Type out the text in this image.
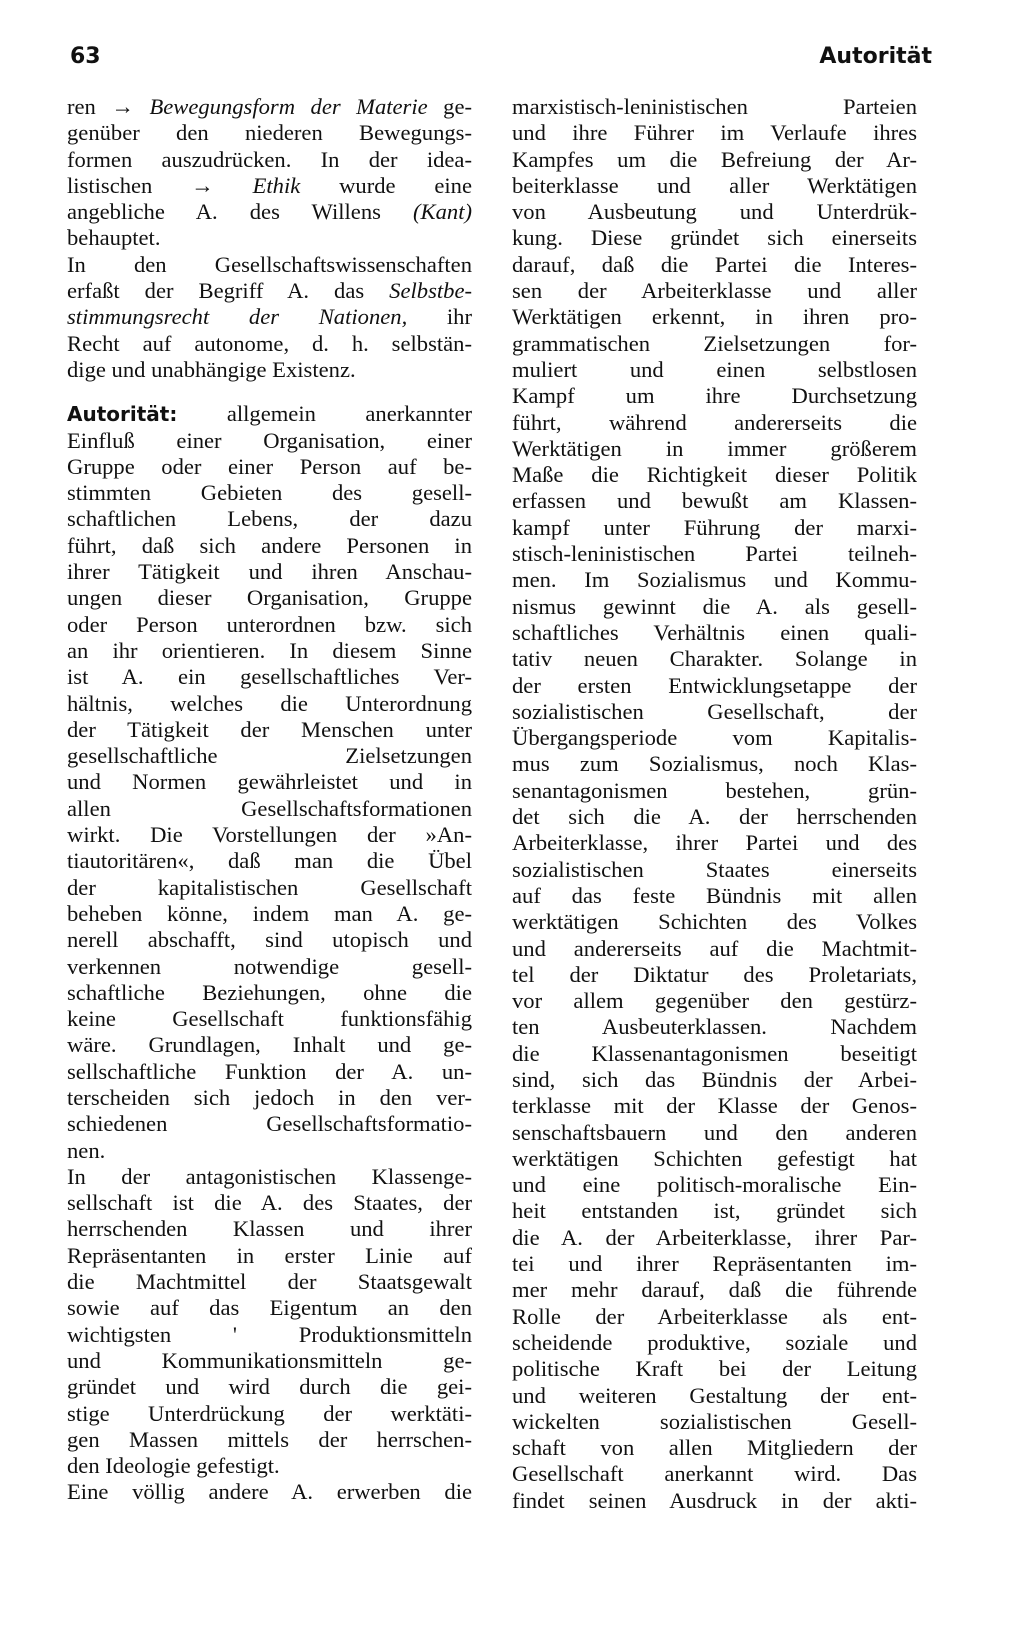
63	Autorität
ren → Bewegungsform der Materie ge-
genüber den niederen Bewegungs-
formen auszudrücken. In der idea-
listischen → Ethik wurde eine
angebliche A. des Willens (Kant)
behauptet.
In den Gesellschaftswissenschaften
erfaßt der Begriff A. das Selbstbe-
stimmungsrecht der Nationen, ihr
Recht auf autonome, d. h. selbstän-
dige und unabhängige Existenz.
Autorität: allgemein anerkannter
Einfluß einer Organisation, einer
Gruppe oder einer Person auf be-
stimmten Gebieten des gesell-
schaftlichen Lebens, der dazu
führt, daß sich andere Personen in
ihrer Tätigkeit und ihren Anschau-
ungen dieser Organisation, Gruppe
oder Person unterordnen bzw. sich
an ihr orientieren. In diesem Sinne
ist A. ein gesellschaftliches Ver-
hältnis, welches die Unterordnung
der Tätigkeit der Menschen unter
gesellschaftliche Zielsetzungen
und Normen gewährleistet und in
allen Gesellschaftsformationen
wirkt. Die Vorstellungen der »An-
tiautoritären«, daß man die Übel
der kapitalistischen Gesellschaft
beheben könne, indem man A. ge-
nerell abschafft, sind utopisch und
verkennen notwendige gesell-
schaftliche Beziehungen, ohne die
keine Gesellschaft funktionsfähig
wäre. Grundlagen, Inhalt und ge-
sellschaftliche Funktion der A. un-
terscheiden sich jedoch in den ver-
schiedenen Gesellschaftsformatio-
nen.
In der antagonistischen Klassenge-
sellschaft ist die A. des Staates, der
herrschenden Klassen und ihrer
Repräsentanten in erster Linie auf
die Machtmittel der Staatsgewalt
sowie auf das Eigentum an den
wichtigsten ' Produktionsmitteln
und Kommunikationsmitteln ge-
gründet und wird durch die gei-
stige Unterdrückung der werktäti-
gen Massen mittels der herrschen-
den Ideologie gefestigt.
Eine völlig andere A. erwerben die
marxistisch-leninistischen Parteien
und ihre Führer im Verlaufe ihres
Kampfes um die Befreiung der Ar-
beiterklasse und aller Werktätigen
von Ausbeutung und Unterdrük-
kung. Diese gründet sich einerseits
darauf, daß die Partei die Interes-
sen der Arbeiterklasse und aller
Werktätigen erkennt, in ihren pro-
grammatischen Zielsetzungen for-
muliert und einen selbstlosen
Kampf um ihre Durchsetzung
führt, während andererseits die
Werktätigen in immer größerem
Maße die Richtigkeit dieser Politik
erfassen und bewußt am Klassen-
kampf unter Führung der marxi-
stisch-leninistischen Partei teilneh-
men. Im Sozialismus und Kommu-
nismus gewinnt die A. als gesell-
schaftliches Verhältnis einen quali-
tativ neuen Charakter. Solange in
der ersten Entwicklungsetappe der
sozialistischen Gesellschaft, der
Übergangsperiode vom Kapitalis-
mus zum Sozialismus, noch Klas-
senantagonismen bestehen, grün-
det sich die A. der herrschenden
Arbeiterklasse, ihrer Partei und des
sozialistischen Staates einerseits
auf das feste Bündnis mit allen
werktätigen Schichten des Volkes
und andererseits auf die Machtmit-
tel der Diktatur des Proletariats,
vor allem gegenüber den gestürz-
ten Ausbeuterklassen. Nachdem
die Klassenantagonismen beseitigt
sind, sich das Bündnis der Arbei-
terklasse mit der Klasse der Genos-
senschaftsbauern und den anderen
werktätigen Schichten gefestigt hat
und eine politisch-moralische Ein-
heit entstanden ist, gründet sich
die A. der Arbeiterklasse, ihrer Par-
tei und ihrer Repräsentanten im-
mer mehr darauf, daß die führende
Rolle der Arbeiterklasse als ent-
scheidende produktive, soziale und
politische Kraft bei der Leitung
und weiteren Gestaltung der ent-
wickelten sozialistischen Gesell-
schaft von allen Mitgliedern der
Gesellschaft anerkannt wird. Das
findet seinen Ausdruck in der akti-
